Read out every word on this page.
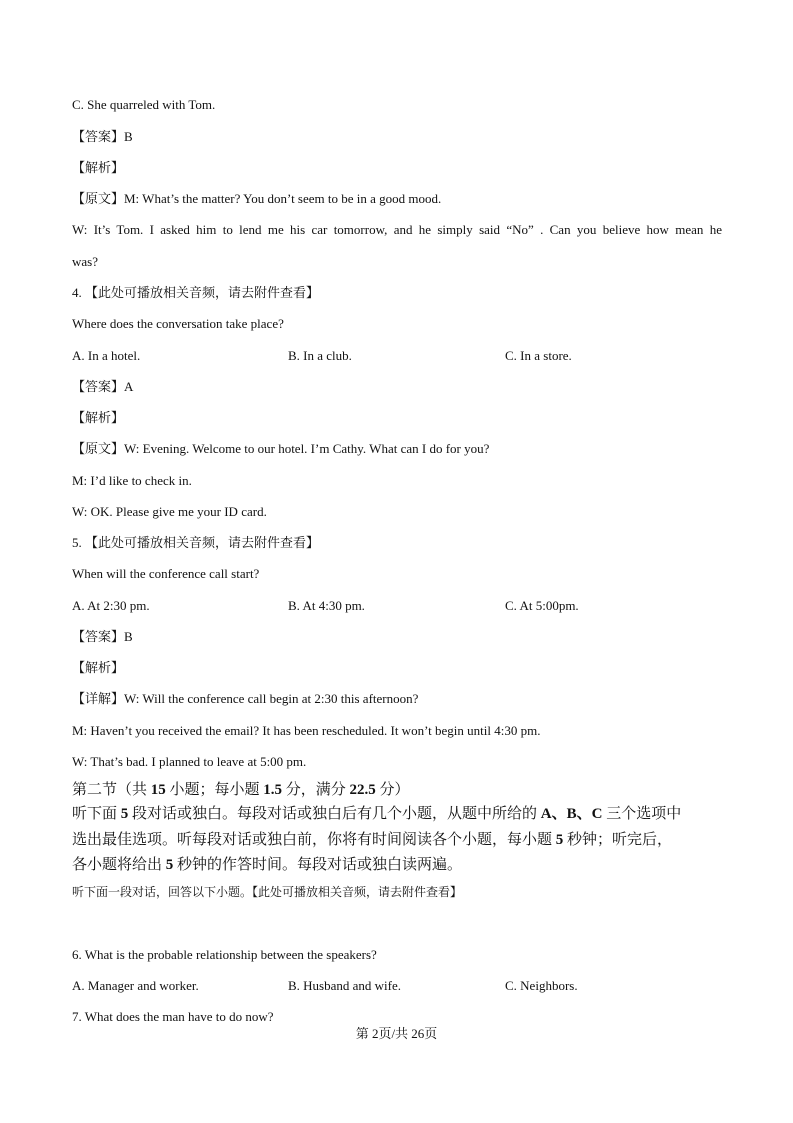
C. She quarreled with Tom.
【答案】B
【解析】
【原文】M: What’s the matter? You don’t seem to be in a good mood.
W: It’s Tom. I asked him to lend me his car tomorrow, and he simply said “No” . Can you believe how mean he
was?
4. 【此处可播放相关音频，请去附件查看】
Where does the conversation take place?
A. In a hotel.	B. In a club.	C. In a store.
【答案】A
【解析】
【原文】W: Evening. Welcome to our hotel. I’m Cathy. What can I do for you?
M: I’d like to check in.
W: OK. Please give me your ID card.
5. 【此处可播放相关音频，请去附件查看】
When will the conference call start?
A. At 2:30 pm.	B. At 4:30 pm.	C. At 5:00pm.
【答案】B
【解析】
【详解】W: Will the conference call begin at 2:30 this afternoon?
M: Haven’t you received the email? It has been rescheduled. It won’t begin until 4:30 pm.
W: That’s bad. I planned to leave at 5:00 pm.
第二节（共 15 小题；每小题 1.5 分，满分 22.5 分）
听下面 5 段对话或独白。每段对话或独白后有几个小题，从题中所给的 A、B、C 三个选项中
选出最佳选项。听每段对话或独白前，你将有时间阅读各个小题，每小题 5 秒钟；听完后，
各小题将给出 5 秒钟的作答时间。每段对话或独白读两遍。
听下面一段对话，回答以下小题。【此处可播放相关音频，请去附件查看】
6. What is the probable relationship between the speakers?
A. Manager and worker.	B. Husband and wife.	C. Neighbors.
7. What does the man have to do now?
第 2页/共 26页
